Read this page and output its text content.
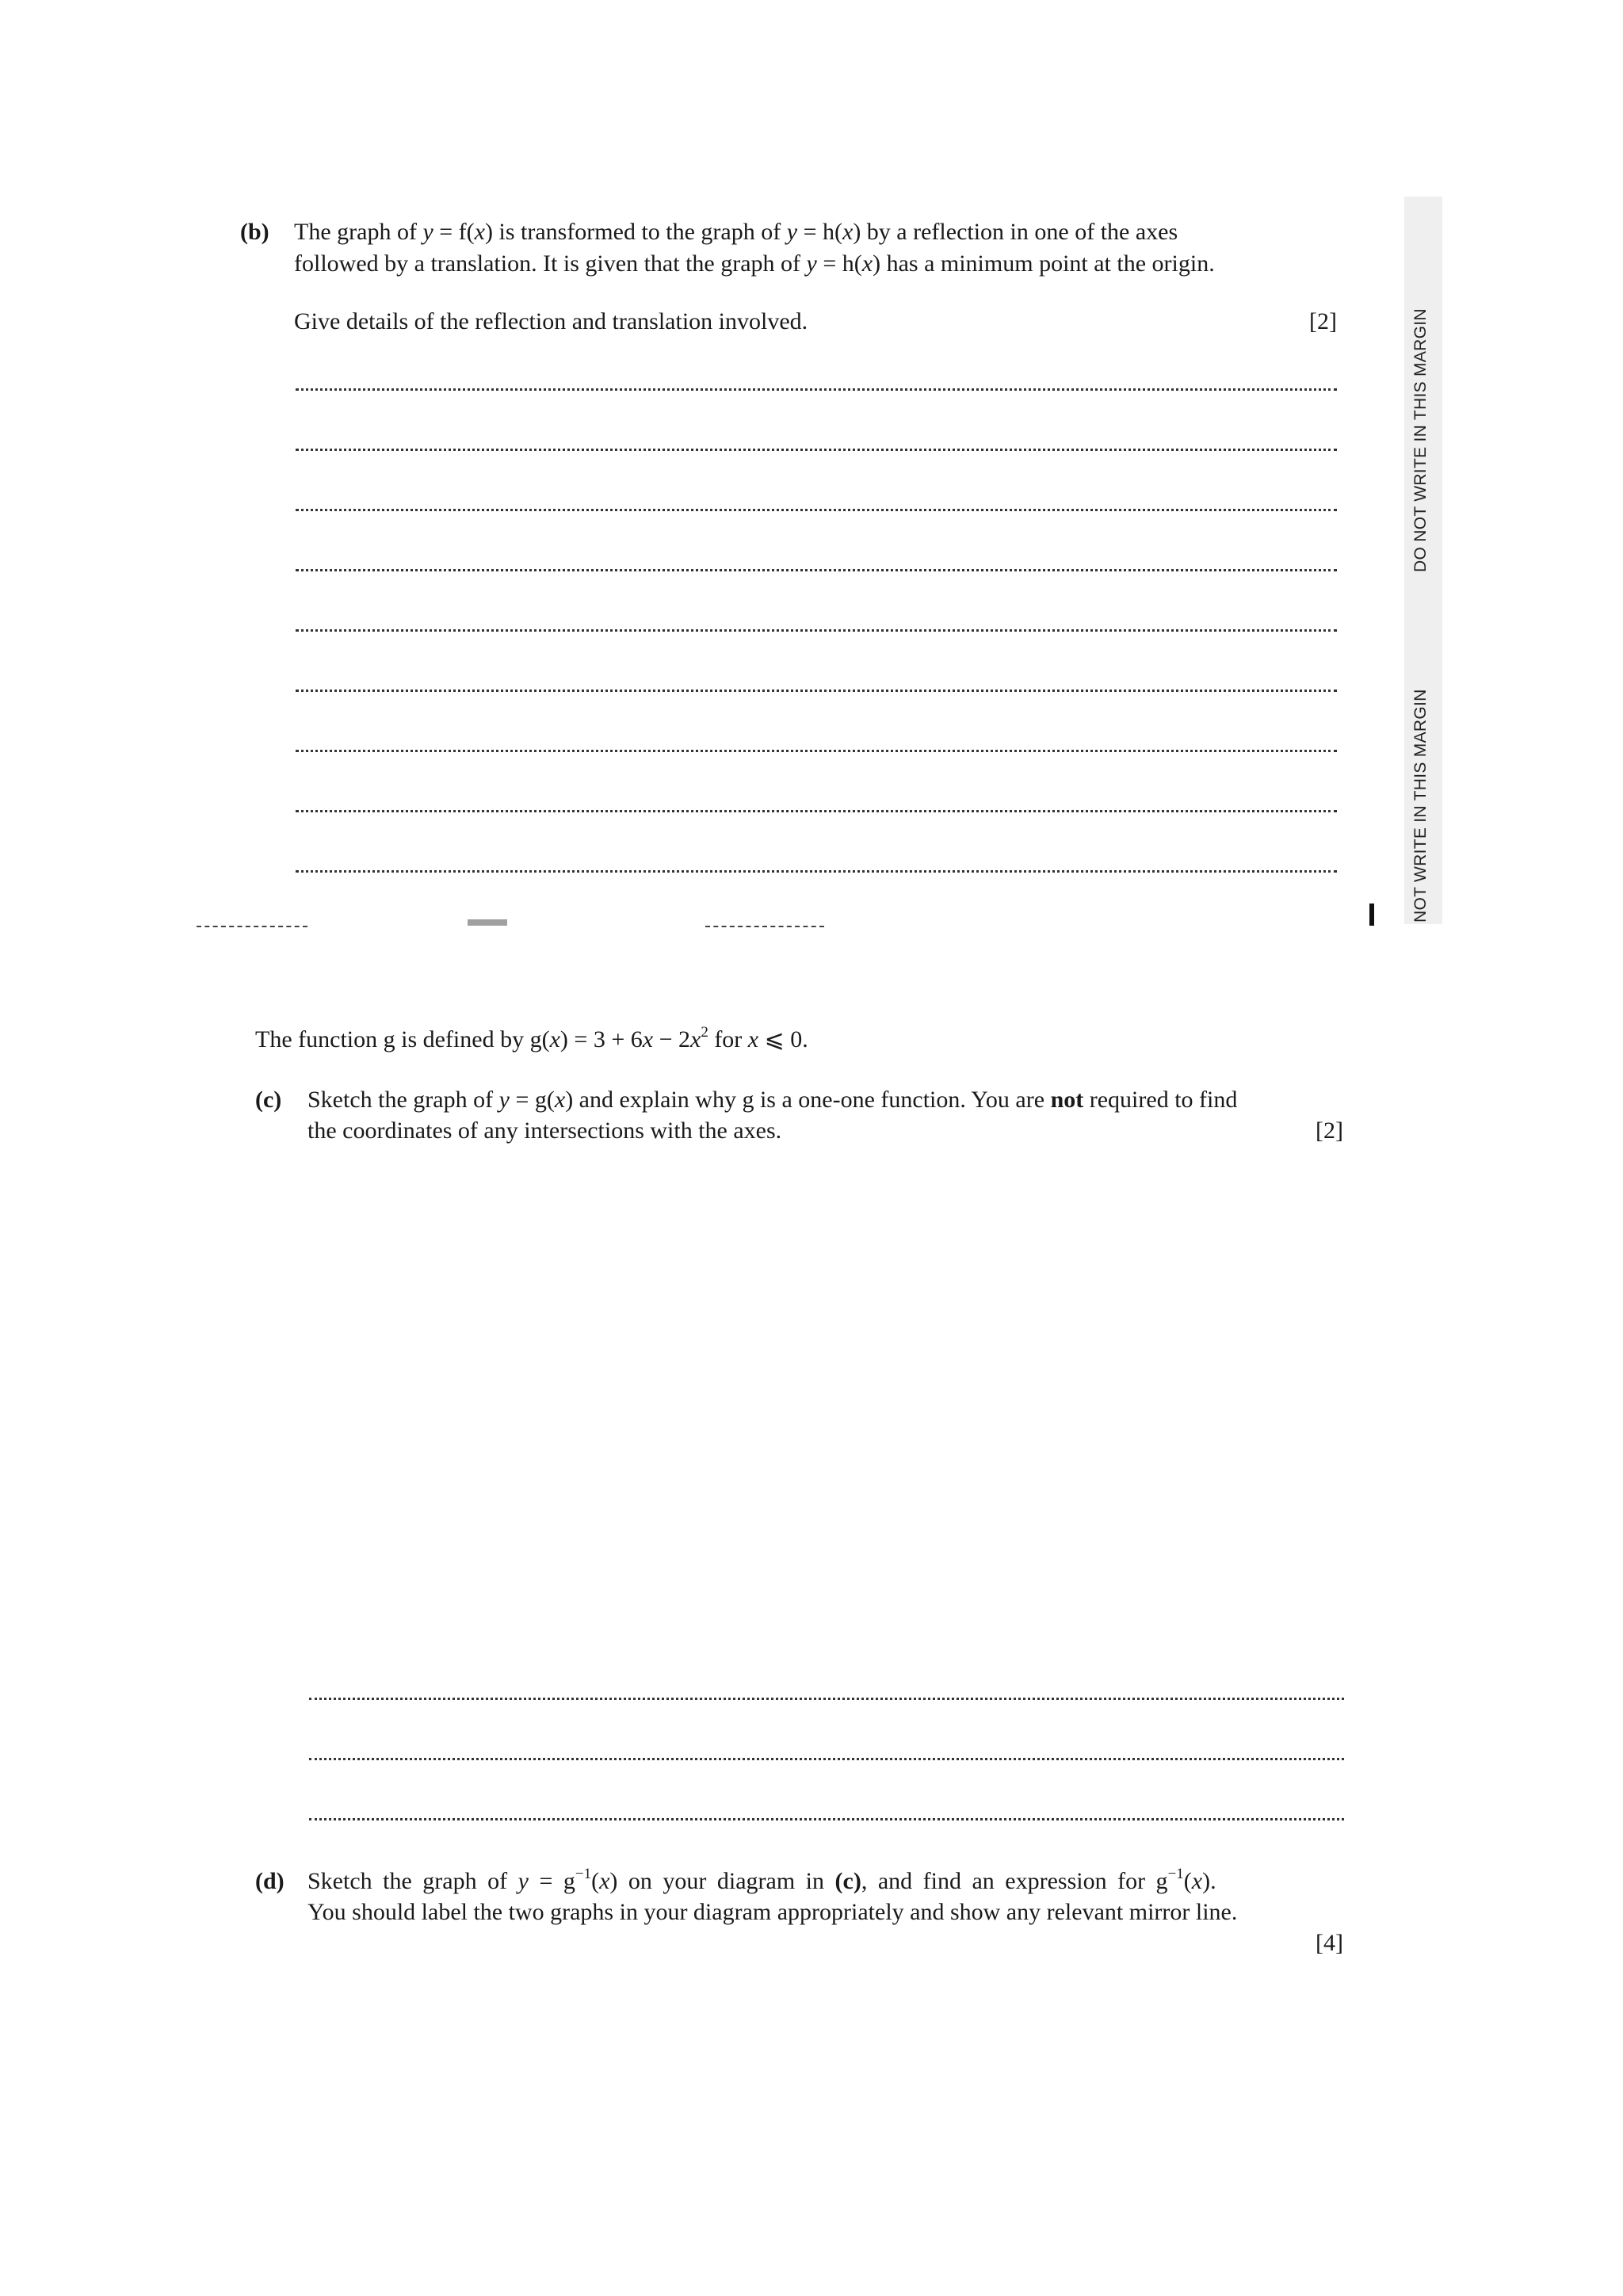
DO NOT WRITE IN THIS MARGIN
NOT WRITE IN THIS MARGIN
(b) The graph of y = f(x) is transformed to the graph of y = h(x) by a reflection in one of the axes
followed by a translation. It is given that the graph of y = h(x) has a minimum point at the origin.
Give details of the reflection and translation involved.	[2]
The function g is defined by $g(x) = 3 + 6x - 2x^2$ for x ⩽ 0.
(c) Sketch the graph of y = g(x) and explain why g is a one-one function. You are not required to find
the coordinates of any intersections with the axes.	[2]
(d) Sketch the graph of $y = g^{-1}(x)$ on your diagram in (c), and find an expression for $g^{-1}(x)$.
You should label the two graphs in your diagram appropriately and show any relevant mirror line.
[4]
